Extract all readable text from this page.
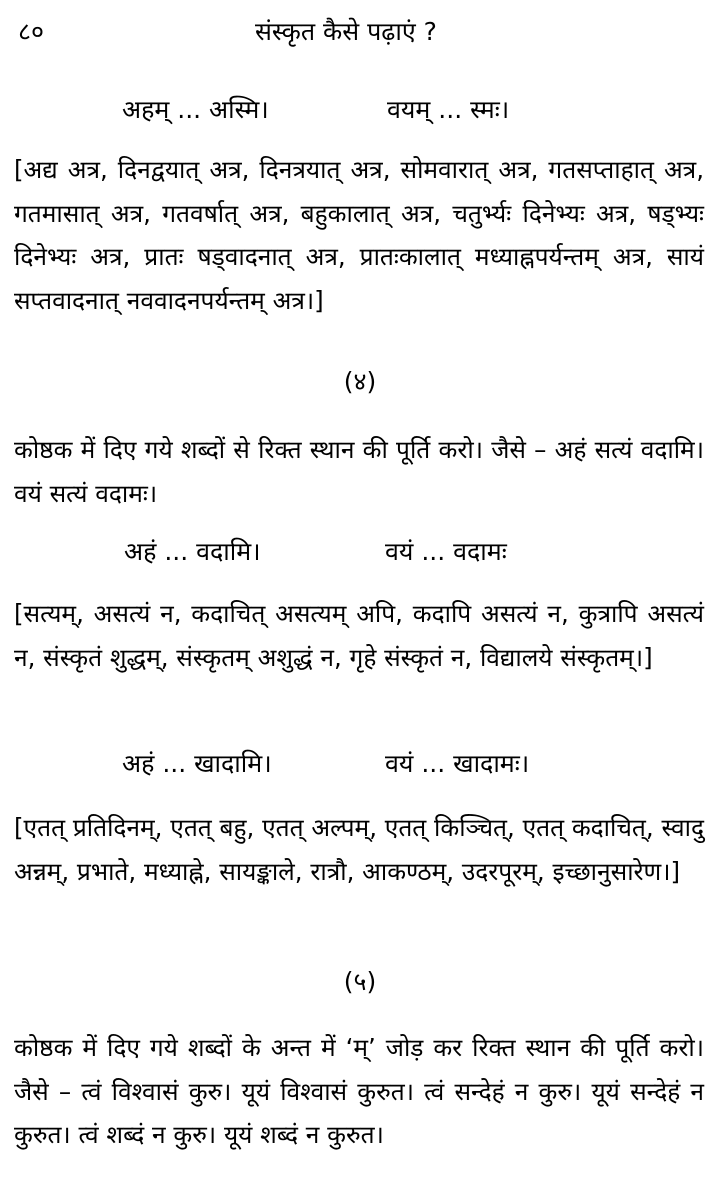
८०	संस्कृत कैसे पढ़ाएं ?
अहम् ... अस्मि।	वयम् ... स्मः।

[अद्य अत्र, दिनद्वयात् अत्र, दिनत्रयात् अत्र, सोमवारात् अत्र, गतसप्ताहात् अत्र, गतमासात् अत्र, गतवर्षात् अत्र, बहुकालात् अत्र, चतुर्भ्यः दिनेभ्यः अत्र, षड्भ्यः दिनेभ्यः अत्र, प्रातः षड्वादनात् अत्र, प्रातःकालात् मध्याह्नपर्यन्तम् अत्र, सायं सप्तवादनात् नववादनपर्यन्तम् अत्र।]

(४)

कोष्ठक में दिए गये शब्दों से रिक्त स्थान की पूर्ति करो। जैसे – अहं सत्यं वदामि। वयं सत्यं वदामः।

अहं ... वदामि।	वयं ... वदामः

[सत्यम्, असत्यं न, कदाचित् असत्यम् अपि, कदापि असत्यं न, कुत्रापि असत्यं न, संस्कृतं शुद्धम्, संस्कृतम् अशुद्धं न, गृहे संस्कृतं न, विद्यालये संस्कृतम्।]

अहं ... खादामि।	वयं ... खादामः।

[एतत् प्रतिदिनम्, एतत् बहु, एतत् अल्पम्, एतत् किञ्चित्, एतत् कदाचित्, स्वादु अन्नम्, प्रभाते, मध्याह्ने, सायङ्काले, रात्रौ, आकण्ठम्, उदरपूरम्, इच्छानुसारेण।]

(५)

कोष्ठक में दिए गये शब्दों के अन्त में ‘म्’ जोड़ कर रिक्त स्थान की पूर्ति करो। जैसे – त्वं विश्वासं कुरु। यूयं विश्वासं कुरुत। त्वं सन्देहं न कुरु। यूयं सन्देहं न कुरुत। त्वं शब्दं न कुरु। यूयं शब्दं न कुरुत।
